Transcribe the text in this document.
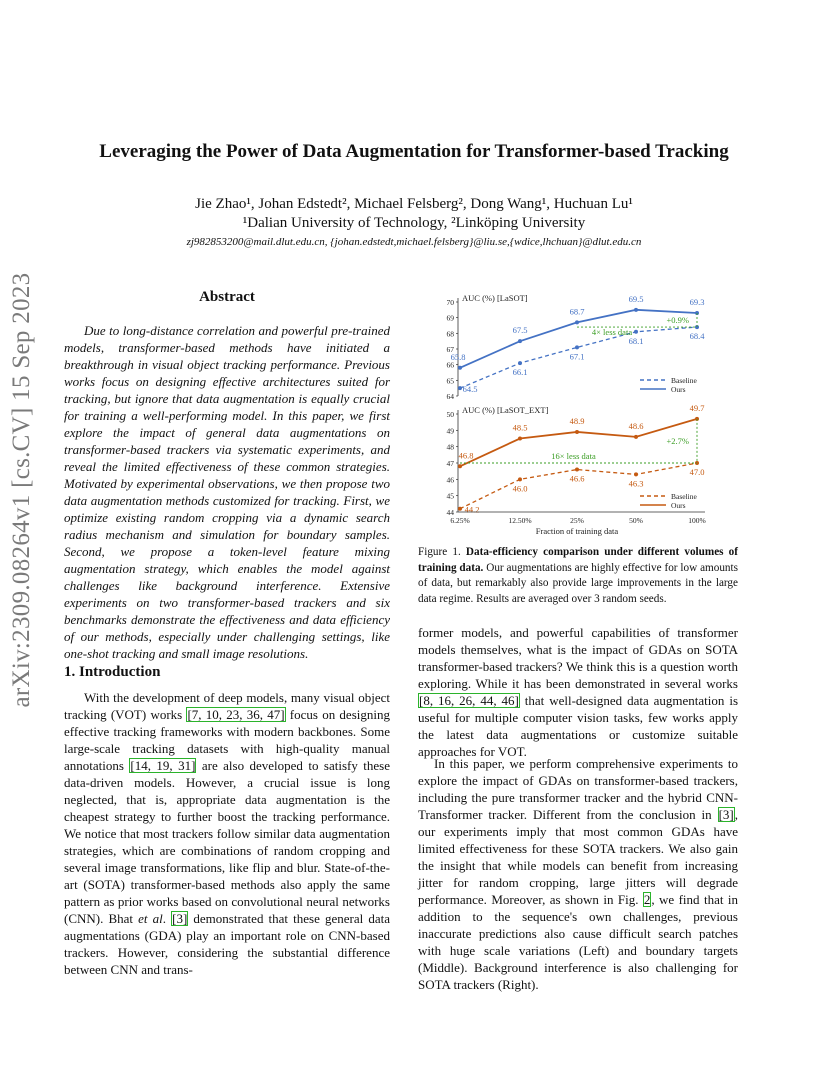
Leveraging the Power of Data Augmentation for Transformer-based Tracking
Jie Zhao¹, Johan Edstedt², Michael Felsberg², Dong Wang¹, Huchuan Lu¹
¹Dalian University of Technology, ²Linköping University
zj982853200@mail.dlut.edu.cn, {johan.edstedt,michael.felsberg}@liu.se,{wdice,lhchuan}@dlut.edu.cn
arXiv:2309.08264v1 [cs.CV] 15 Sep 2023	Abstract
Due to long-distance correlation and powerful pre-trained models, transformer-based methods have initiated a breakthrough in visual object tracking performance. Previous works focus on designing effective architectures suited for tracking, but ignore that data augmentation is equally crucial for training a well-performing model. In this paper, we first explore the impact of general data augmentations on transformer-based trackers via systematic experiments, and reveal the limited effectiveness of these common strategies. Motivated by experimental observations, we then propose two data augmentation methods customized for tracking. First, we optimize existing random cropping via a dynamic search radius mechanism and simulation for boundary samples. Second, we propose a token-level feature mixing augmentation strategy, which enables the model against challenges like background interference. Extensive experiments on two transformer-based trackers and six benchmarks demonstrate the effectiveness and data efficiency of our methods, especially under challenging settings, like one-shot tracking and small image resolutions.
1. Introduction
With the development of deep models, many visual object tracking (VOT) works [7, 10, 23, 36, 47] focus on designing effective tracking frameworks with modern backbones. Some large-scale tracking datasets with high-quality manual annotations [14, 19, 31] are also developed to satisfy these data-driven models. However, a crucial issue is long neglected, that is, appropriate data augmentation is the cheapest strategy to further boost the tracking performance. We notice that most trackers follow similar data augmentation strategies, which are combinations of random cropping and several image transformations, like flip and blur. State-of-the-art (SOTA) transformer-based methods also apply the same pattern as prior works based on convolutional neural networks (CNN). Bhat et al. [3] demonstrated that these general data augmentations (GDA) play an important role on CNN-based trackers. However, considering the substantial difference between CNN and trans-
64
65
66
67
68
69
70 AUC (%) [LaSOT]
64.5
66.1
67.1
68.1	68.4
65.8
67.5
68.7
69.5	69.3
4× less data
+0.9%
Baseline
Ours
44
45
46
47
48
49
50 AUC (%) [LaSOT_EXT]
44.2
46.0
46.6	46.3
47.0
46.8
48.5
48.9	48.6
49.7
16× less data
+2.7%
Baseline
Ours
6.25%	12.50%	25%	50%	100%
Fraction of training data
Figure 1. Data-efficiency comparison under different volumes of training data. Our augmentations are highly effective for low amounts of data, but remarkably also provide large improvements in the large data regime. Results are averaged over 3 random seeds.
former models, and powerful capabilities of transformer models themselves, what is the impact of GDAs on SOTA transformer-based trackers? We think this is a question worth exploring. While it has been demonstrated in several works [8, 16, 26, 44, 46] that well-designed data augmentation is useful for multiple computer vision tasks, few works apply the latest data augmentations or customize suitable approaches for VOT.
In this paper, we perform comprehensive experiments to explore the impact of GDAs on transformer-based trackers, including the pure transformer tracker and the hybrid CNN-Transformer tracker. Different from the conclusion in [3], our experiments imply that most common GDAs have limited effectiveness for these SOTA trackers. We also gain the insight that while models can benefit from increasing jitter for random cropping, large jitters will degrade performance. Moreover, as shown in Fig. 2, we find that in addition to the sequence's own challenges, previous inaccurate predictions also cause difficult search patches with huge scale variations (Left) and boundary targets (Middle). Background interference is also challenging for SOTA trackers (Right).
